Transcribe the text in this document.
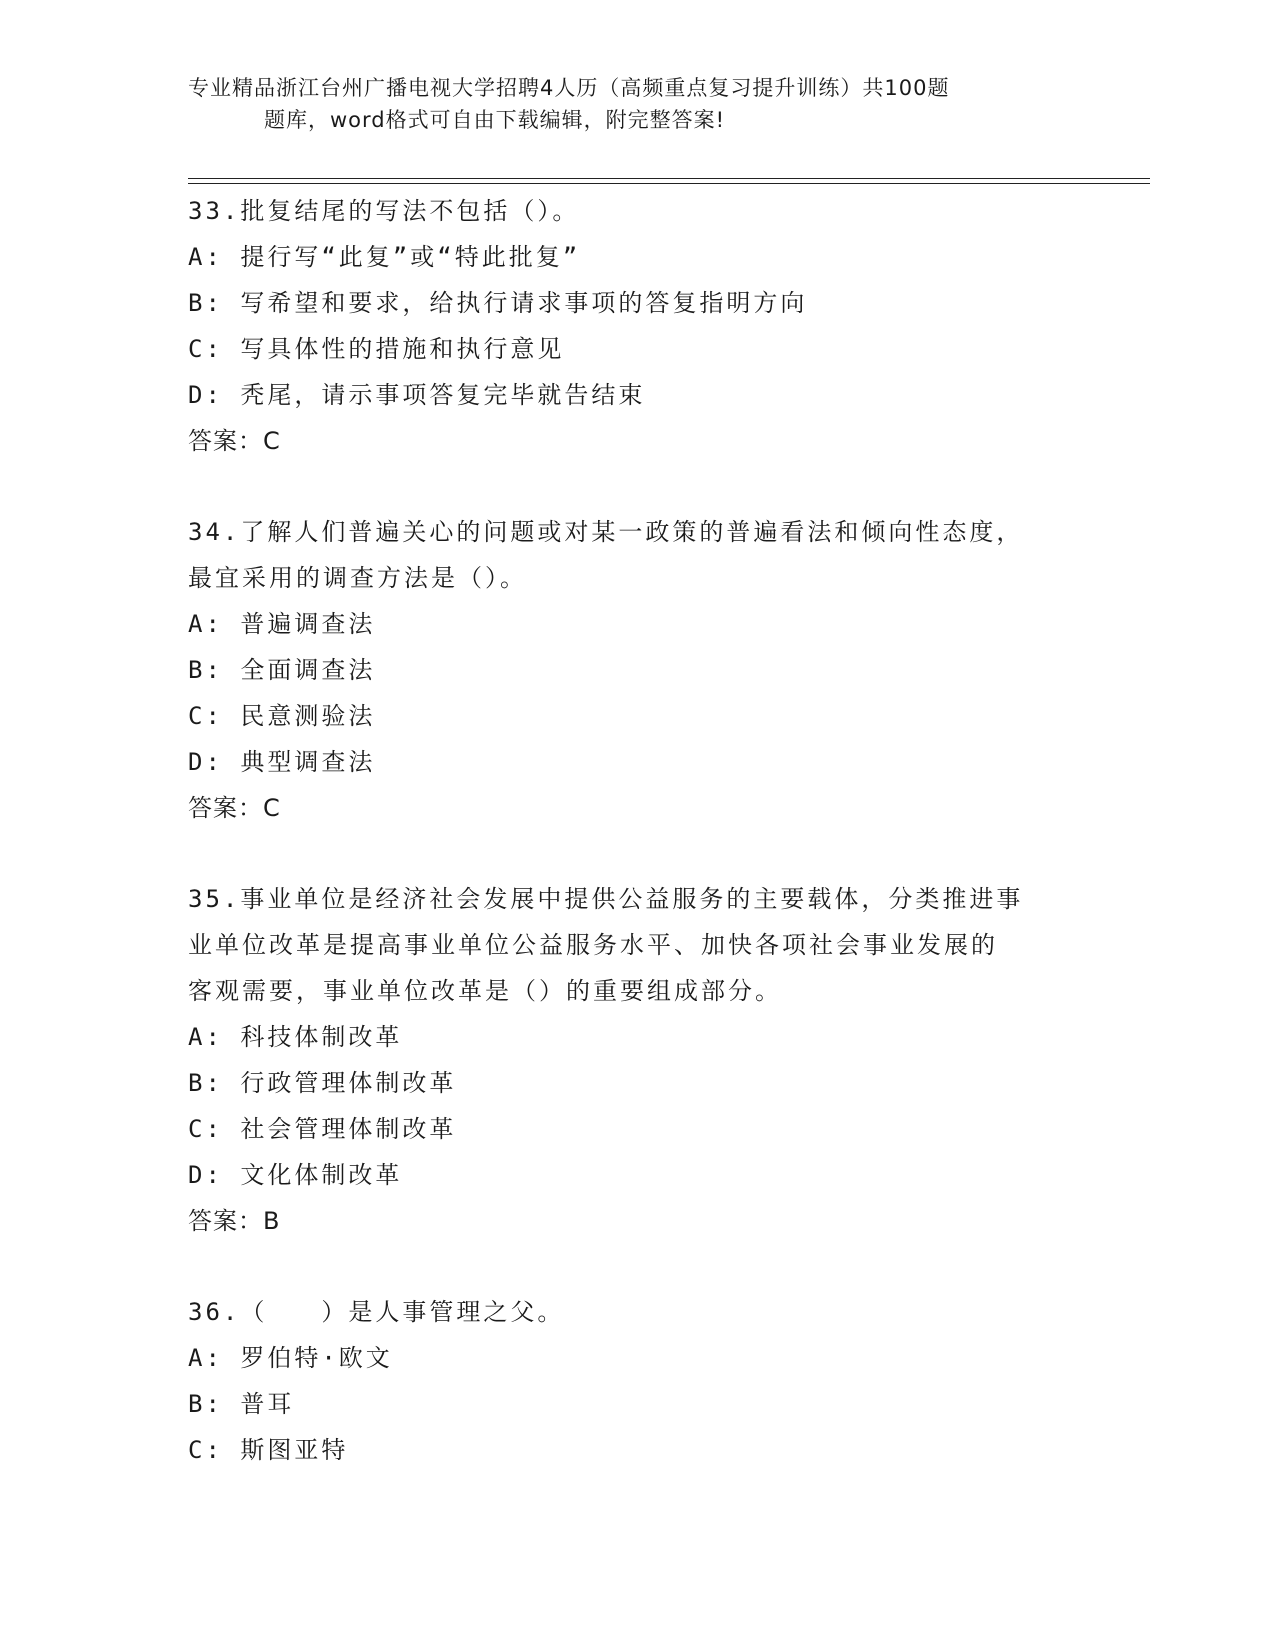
专业精品浙江台州广播电视大学招聘4人历（高频重点复习提升训练）共100题
题库，word格式可自由下载编辑，附完整答案!
33.批复结尾的写法不包括（）。
A: 提行写“此复”或“特此批复”
B: 写希望和要求，给执行请求事项的答复指明方向
C: 写具体性的措施和执行意见
D: 秃尾，请示事项答复完毕就告结束
答案：C
34.了解人们普遍关心的问题或对某一政策的普遍看法和倾向性态度，
最宜采用的调查方法是（）。
A: 普遍调查法
B: 全面调查法
C: 民意测验法
D: 典型调查法
答案：C
35.事业单位是经济社会发展中提供公益服务的主要载体，分类推进事
业单位改革是提高事业单位公益服务水平、加快各项社会事业发展的
客观需要，事业单位改革是（）的重要组成部分。
A: 科技体制改革
B: 行政管理体制改革
C: 社会管理体制改革
D: 文化体制改革
答案：B
36.（　　）是人事管理之父。
A: 罗伯特·欧文
B: 普耳
C: 斯图亚特
